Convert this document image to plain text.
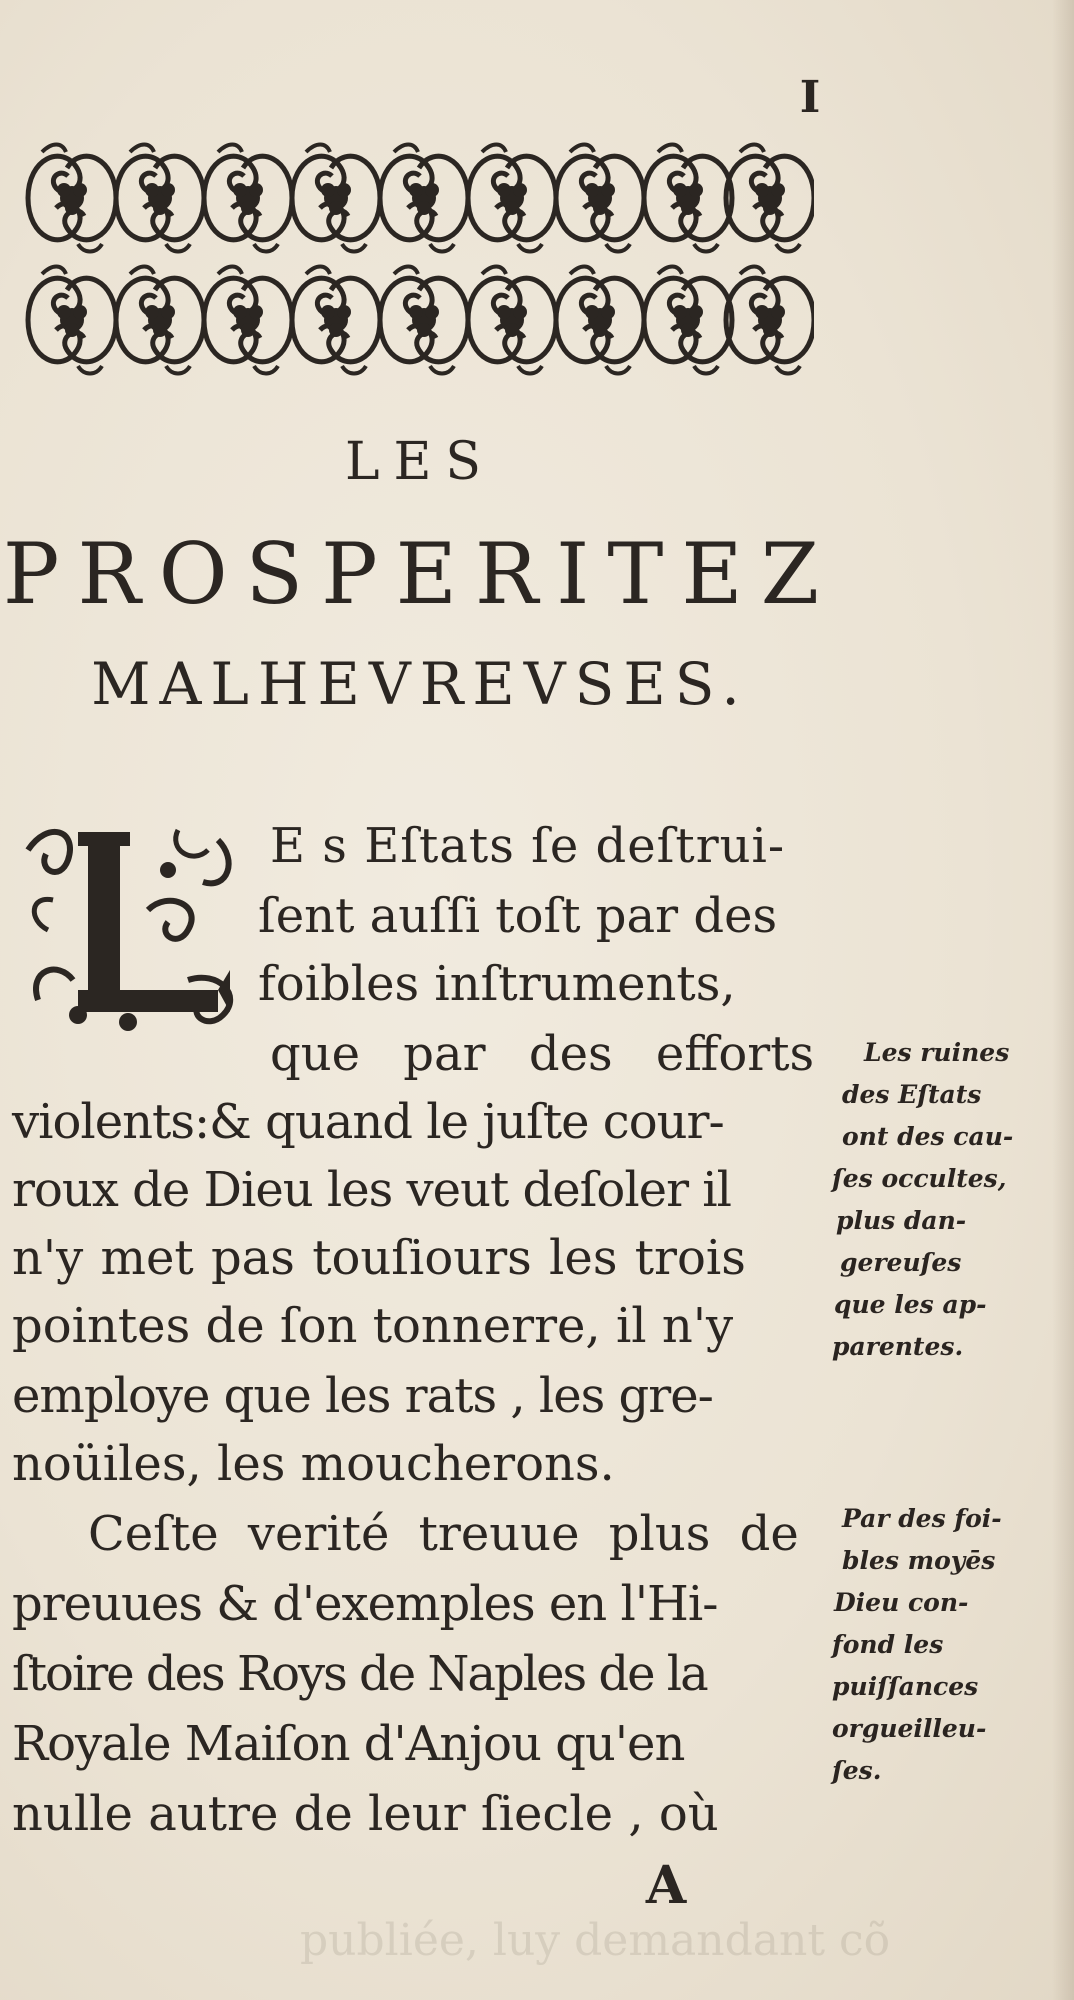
I
LES
PROSPERITEZ
MALHEVREVSES.
E s Eſtats ſe deſtrui-
ſent auſſi toſt par des
foibles inſtruments,
que par des efforts
violents:& quand le juſte cour-
roux de Dieu les veut deſoler il
n'y met pas touſiours les trois
pointes de ſon tonnerre, il n'y
employe que les rats , les gre-
noüiles, les moucherons.
Ceſte verité treuue plus de
preuues & d'exemples en l'Hi-
ſtoire des Roys de Naples de la
Royale Maiſon d'Anjou qu'en
nulle autre de leur ſiecle , où
Les ruines
des Eſtats
ont des cau-
ſes occultes,
plus dan-
gereuſes
que les ap-
parentes.
Par des foi-
bles moyēs
Dieu con-
fond les
puiſſances
orgueilleu-
ſes.
A
publiée, luy demandant cõ
